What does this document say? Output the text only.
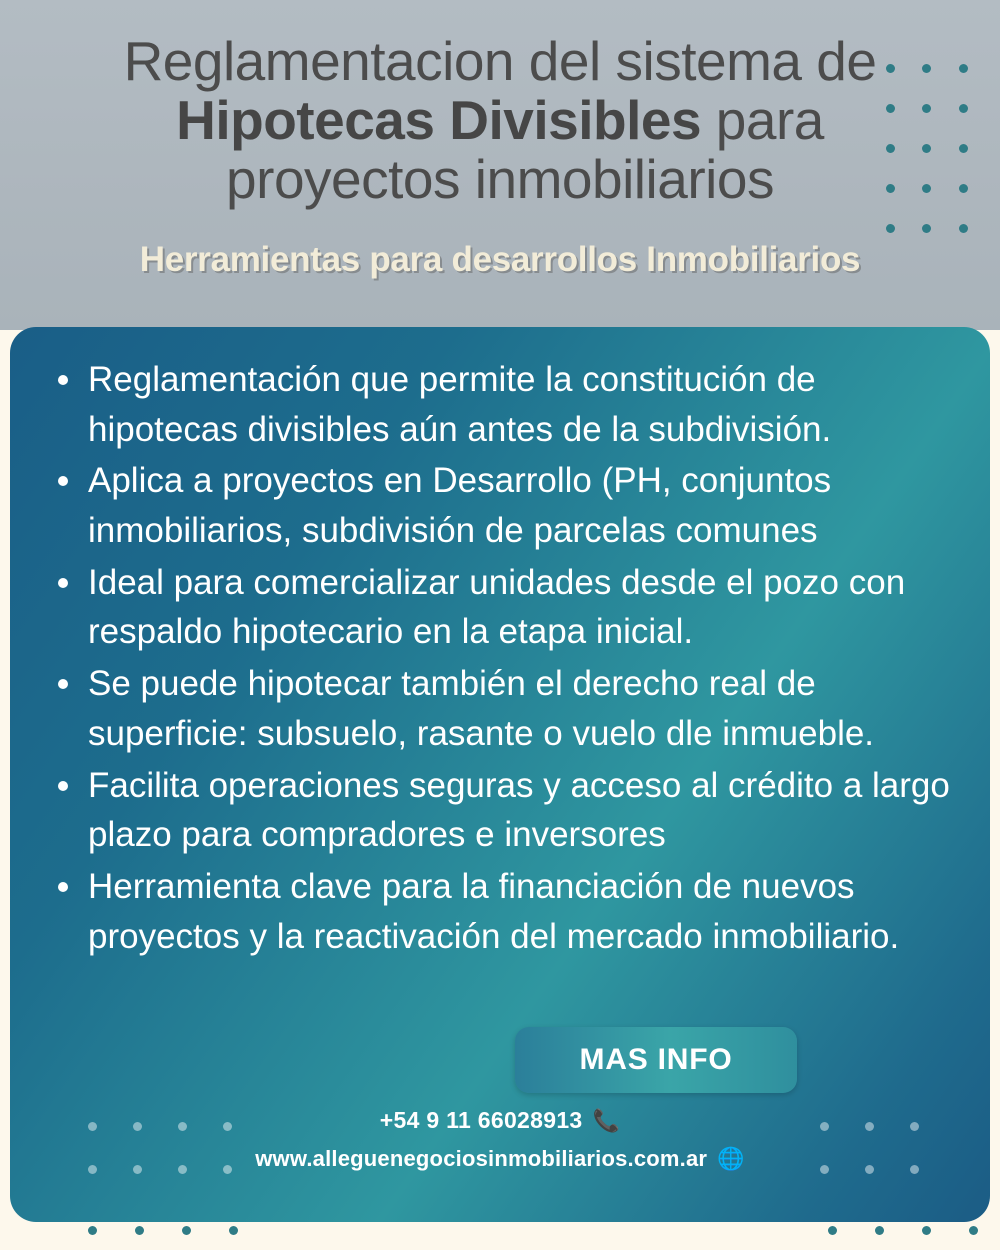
Reglamentacion del sistema de
Hipotecas Divisibles para
proyectos inmobiliarios
Herramientas para desarrollos Inmobiliarios
Reglamentación que permite la constitución de hipotecas divisibles aún antes de la subdivisión.
Aplica a proyectos en Desarrollo (PH, conjuntos inmobiliarios, subdivisión de parcelas comunes
Ideal para comercializar unidades desde el pozo con respaldo hipotecario en la etapa inicial.
Se puede hipotecar también el derecho real de superficie: subsuelo, rasante o vuelo dle inmueble.
Facilita operaciones seguras y acceso al crédito a largo plazo para compradores e inversores
Herramienta clave para la financiación de nuevos proyectos y la reactivación del mercado inmobiliario.
MAS INFO
+54 9 11 66028913 📞
www.alleguenegociosinmobiliarios.com.ar 🌐
